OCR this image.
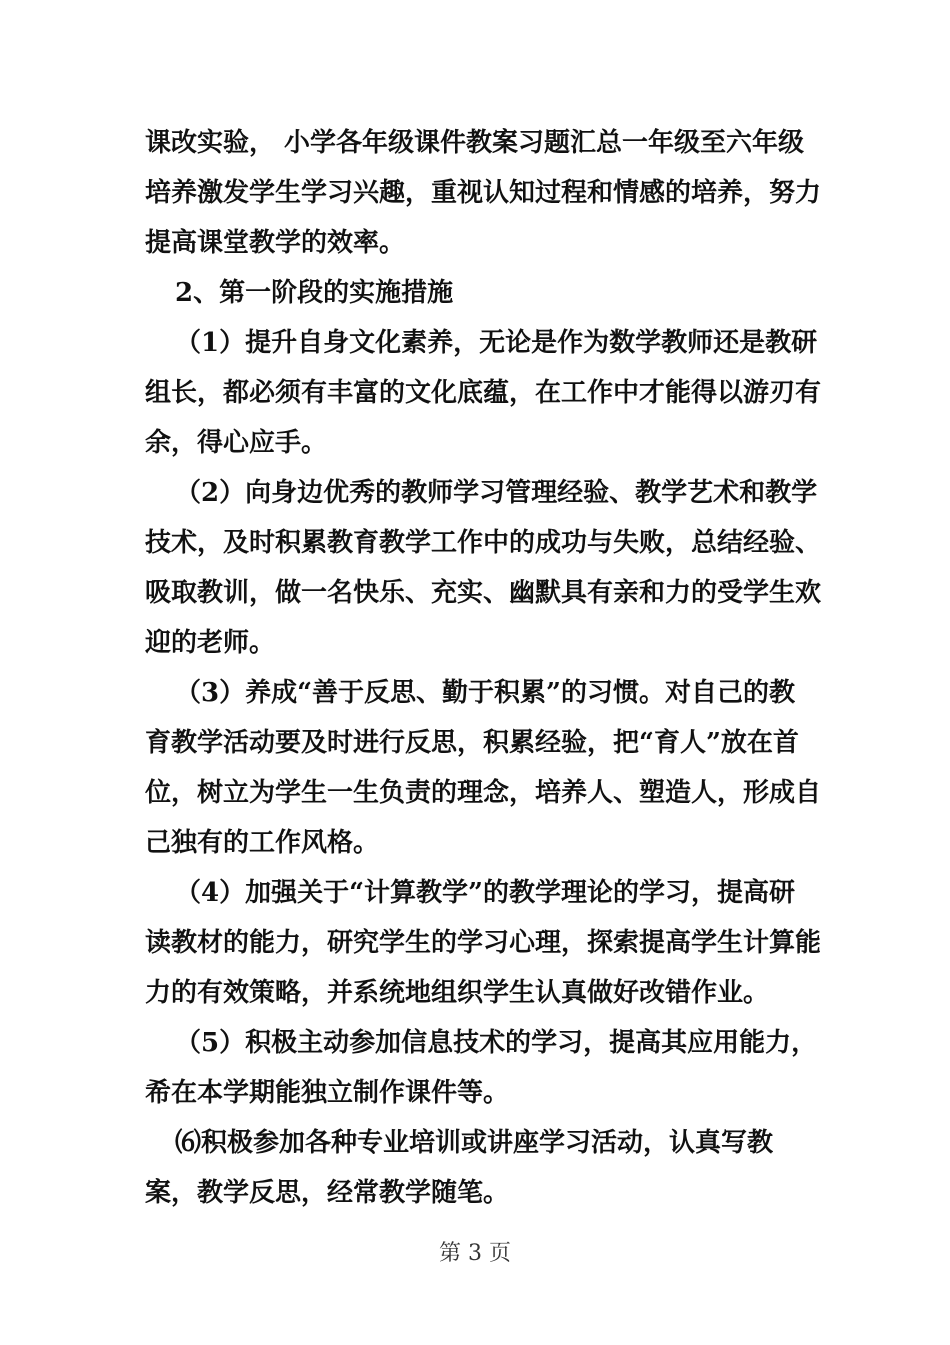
课改实验， 小学各年级课件教案习题汇总一年级至六年级
培养激发学生学习兴趣，重视认知过程和情感的培养，努力
提高课堂教学的效率。
2、第一阶段的实施措施
（1）提升自身文化素养，无论是作为数学教师还是教研
组长，都必须有丰富的文化底蕴，在工作中才能得以游刃有
余，得心应手。
（2）向身边优秀的教师学习管理经验、教学艺术和教学
技术，及时积累教育教学工作中的成功与失败，总结经验、
吸取教训，做一名快乐、充实、幽默具有亲和力的受学生欢
迎的老师。
（3）养成“善于反思、勤于积累”的习惯。对自己的教
育教学活动要及时进行反思，积累经验，把“育人”放在首
位，树立为学生一生负责的理念，培养人、塑造人，形成自
己独有的工作风格。
（4）加强关于“计算教学”的教学理论的学习，提高研
读教材的能力，研究学生的学习心理，探索提高学生计算能
力的有效策略，并系统地组织学生认真做好改错作业。
（5）积极主动参加信息技术的学习，提高其应用能力，
希在本学期能独立制作课件等。
⑹积极参加各种专业培训或讲座学习活动，认真写教
案，教学反思，经常教学随笔。
第 3 页
